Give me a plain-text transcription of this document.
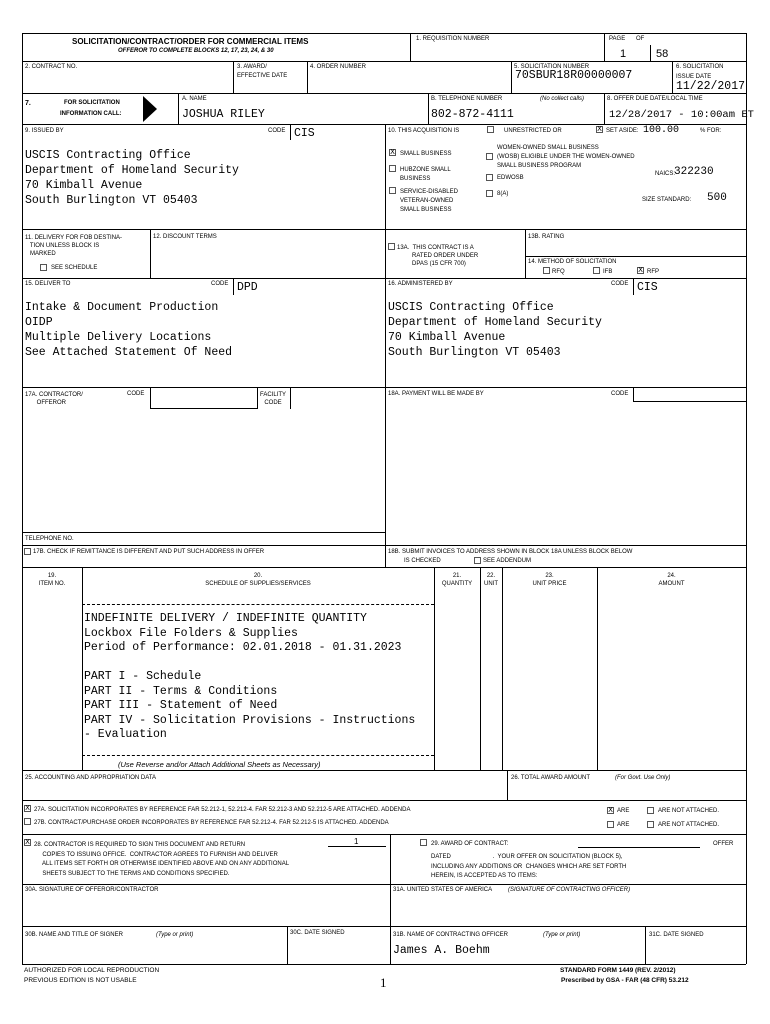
SOLICITATION/CONTRACT/ORDER FOR COMMERCIAL ITEMS
OFFEROR TO COMPLETE BLOCKS 12, 17, 23, 24, & 30
1. REQUISITION NUMBER	PAGE OF
1	58
2. CONTRACT NO.	3. AWARD/
EFFECTIVE DATE
4. ORDER NUMBER	5. SOLICITATION NUMBER
70SBUR18R00000007
6. SOLICITATION
ISSUE DATE
11/22/2017
7.	FOR SOLICITATION
INFORMATION CALL:
A. NAME
JOSHUA RILEY
B. TELEPHONE NUMBER	(No collect calls)
802-872-4111
8. OFFER DUE DATE/LOCAL TIME
12/28/2017 - 10:00am ET
9. ISSUED BY	CODE CIS
USCIS Contracting Office
Department of Homeland Security
70 Kimball Avenue
South Burlington VT 05403
10. THIS ACQUISITION IS	UNRESTRICTED OR	X SET ASIDE: 100.00	% FOR:
X SMALL BUSINESS
HUBZONE SMALL
BUSINESS
SERVICE-DISABLED
VETERAN-OWNED
SMALL BUSINESS
WOMEN-OWNED SMALL BUSINESS
(WOSB) ELIGIBLE UNDER THE WOMEN-OWNED
SMALL BUSINESS PROGRAM
EDWOSB
8(A)
NAICS:
322230
SIZE STANDARD: 500
11. DELIVERY FOR FOB DESTINA-
TION UNLESS BLOCK IS
MARKED
SEE SCHEDULE
12. DISCOUNT TERMS
13A.  THIS CONTRACT IS A
RATED ORDER UNDER
DPAS (15 CFR 700)
13B. RATING
14. METHOD OF SOLICITATION
RFQ	IFB	X RFP
15. DELIVER TO	CODE DPD
Intake & Document Production
OIDP
Multiple Delivery Locations
See Attached Statement Of Need
16. ADMINISTERED BY	CODE CIS
USCIS Contracting Office
Department of Homeland Security
70 Kimball Avenue
South Burlington VT 05403
17A. CONTRACTOR/
OFFEROR
CODE	FACILITY
CODE
TELEPHONE NO.
17B. CHECK IF REMITTANCE IS DIFFERENT AND PUT SUCH ADDRESS IN OFFER
18A. PAYMENT WILL BE MADE BY	CODE
18B. SUBMIT INVOICES TO ADDRESS SHOWN IN BLOCK 18A UNLESS BLOCK BELOW
IS CHECKED	SEE ADDENDUM
19.
ITEM NO.
20.
SCHEDULE OF SUPPLIES/SERVICES
21.
QUANTITY
22.
UNIT
23.
UNIT PRICE
24.
AMOUNT
INDEFINITE DELIVERY / INDEFINITE QUANTITY
Lockbox File Folders & Supplies
Period of Performance: 02.01.2018 - 01.31.2023

PART I - Schedule
PART II - Terms & Conditions
PART III - Statement of Need
PART IV - Solicitation Provisions - Instructions
- Evaluation
(Use Reverse and/or Attach Additional Sheets as Necessary)
25. ACCOUNTING AND APPROPRIATION DATA	26. TOTAL AWARD AMOUNT	(For Govt. Use Only)
X 27A. SOLICITATION INCORPORATES BY REFERENCE FAR 52.212-1, 52.212-4. FAR 52.212-3 AND 52.212-5 ARE ATTACHED. ADDENDA	X ARE	ARE NOT ATTACHED.
27B. CONTRACT/PURCHASE ORDER INCORPORATES BY REFERENCE FAR 52.212-4. FAR 52.212-5 IS ATTACHED. ADDENDA	ARE	ARE NOT ATTACHED.
X 28. CONTRACTOR IS REQUIRED TO SIGN THIS DOCUMENT AND RETURN
COPIES TO ISSUING OFFICE.  CONTRACTOR AGREES TO FURNISH AND DELIVER
ALL ITEMS SET FORTH OR OTHERWISE IDENTIFIED ABOVE AND ON ANY ADDITIONAL
SHEETS SUBJECT TO THE TERMS AND CONDITIONS SPECIFIED.
1	29. AWARD OF CONTRACT:	OFFER
DATED                         .  YOUR OFFER ON SOLICITATION (BLOCK 5),
INCLUDING ANY ADDITIONS OR  CHANGES WHICH ARE SET FORTH
HEREIN, IS ACCEPTED AS TO ITEMS:
30A. SIGNATURE OF OFFEROR/CONTRACTOR	31A. UNITED STATES OF AMERICA	(SIGNATURE OF CONTRACTING OFFICER)
30B. NAME AND TITLE OF SIGNER	(Type or print)	30C. DATE SIGNED	31B. NAME OF CONTRACTING OFFICER	(Type or print)
James A. Boehm
31C. DATE SIGNED
AUTHORIZED FOR LOCAL REPRODUCTION
PREVIOUS EDITION IS NOT USABLE	1
STANDARD FORM 1449 (REV. 2/2012)
Prescribed by GSA - FAR (48 CFR) 53.212
